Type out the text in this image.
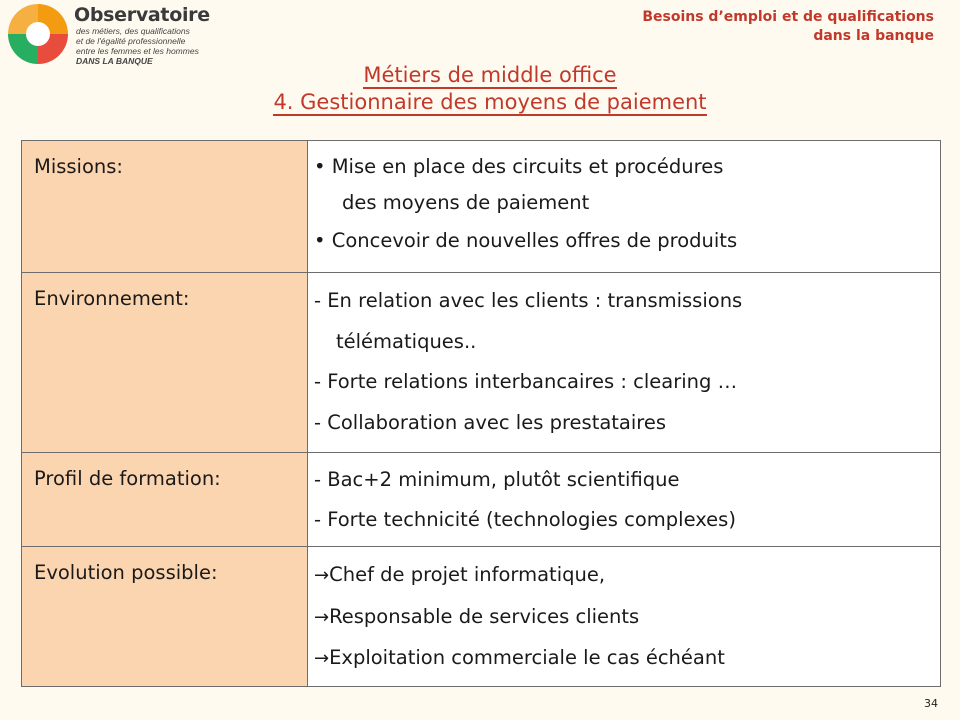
Observatoire
des métiers, des qualifications
et de l'égalité professionnelle
entre les femmes et les hommes
DANS LA BANQUE
Besoins d’emploi et de qualifications
dans la banque
Métiers de middle office
4. Gestionnaire des moyens de paiement
Missions:	• Mise en place des circuits et procédures
des moyens de paiement
• Concevoir de nouvelles offres de produits

Environnement:	- En relation avec les clients : transmissions
télématiques..
- Forte relations interbancaires : clearing …
- Collaboration avec les prestataires

Profil de formation:	- Bac+2 minimum, plutôt scientifique
- Forte technicité (technologies complexes)

Evolution possible:	→Chef de projet informatique,
→Responsable de services clients
→Exploitation commerciale le cas échéant
34
